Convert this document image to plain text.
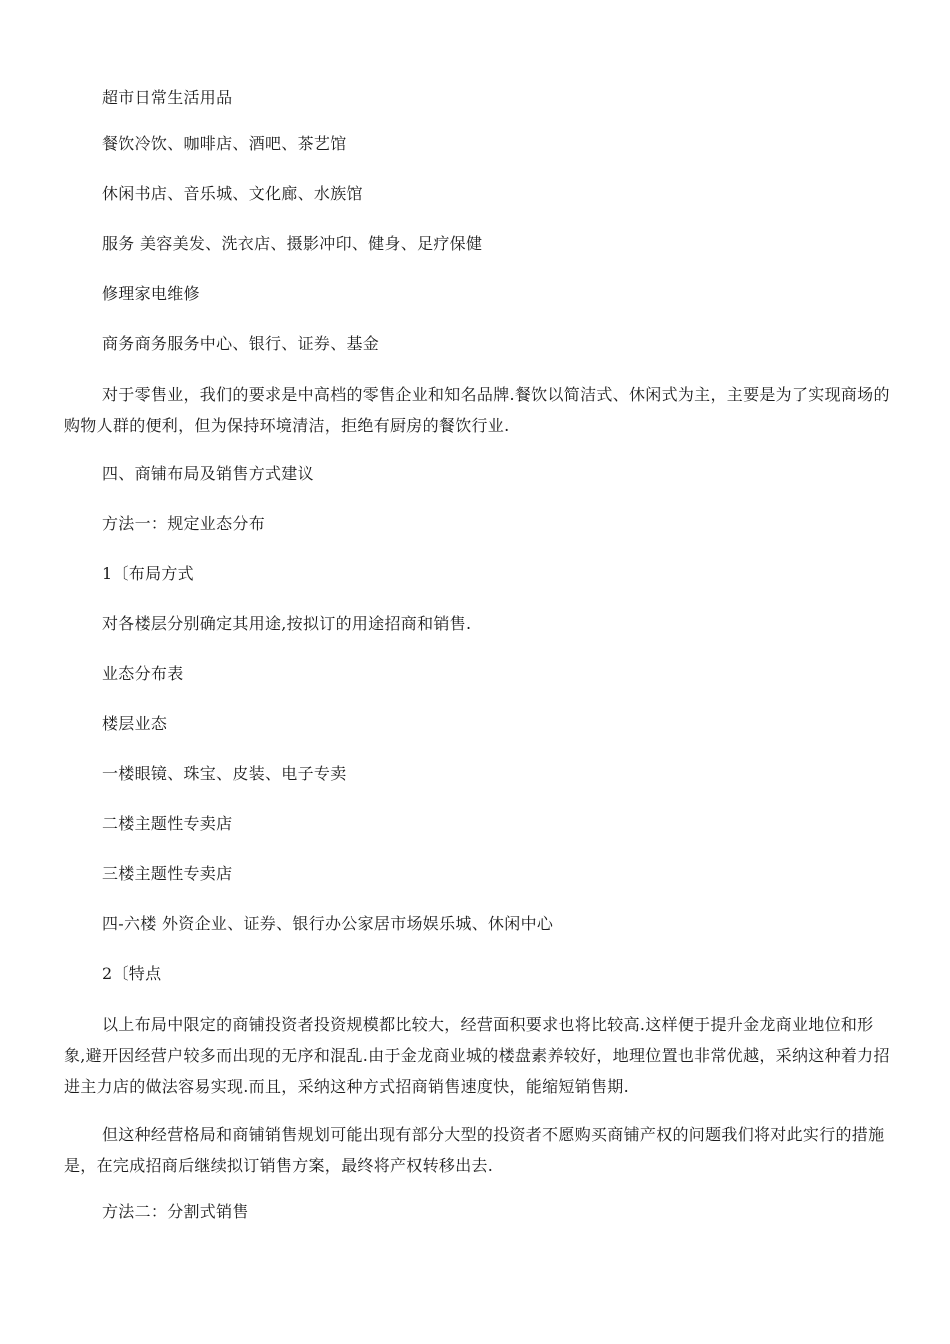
超市日常生活用品
餐饮冷饮、咖啡店、酒吧、茶艺馆
休闲书店、音乐城、文化廊、水族馆
服务 美容美发、洗衣店、摄影冲印、健身、足疗保健
修理家电维修
商务商务服务中心、银行、证券、基金
对于零售业，我们的要求是中高档的零售企业和知名品牌.餐饮以简洁式、休闲式为主，主要是为了实现商场的购物人群的便利，但为保持环境清洁，拒绝有厨房的餐饮行业.
四、商铺布局及销售方式建议
方法一：规定业态分布
1〔布局方式
对各楼层分别确定其用途,按拟订的用途招商和销售.
业态分布表
楼层业态
一楼眼镜、珠宝、皮装、电子专卖
二楼主题性专卖店
三楼主题性专卖店
四-六楼 外资企业、证券、银行办公家居市场娱乐城、休闲中心
2〔特点
以上布局中限定的商铺投资者投资规模都比较大，经营面积要求也将比较高.这样便于提升金龙商业地位和形象,避开因经营户较多而出现的无序和混乱.由于金龙商业城的楼盘素养较好，地理位置也非常优越，采纳这种着力招进主力店的做法容易实现.而且，采纳这种方式招商销售速度快，能缩短销售期.
但这种经营格局和商铺销售规划可能出现有部分大型的投资者不愿购买商铺产权的问题我们将对此实行的措施是，在完成招商后继续拟订销售方案，最终将产权转移出去.
方法二：分割式销售
